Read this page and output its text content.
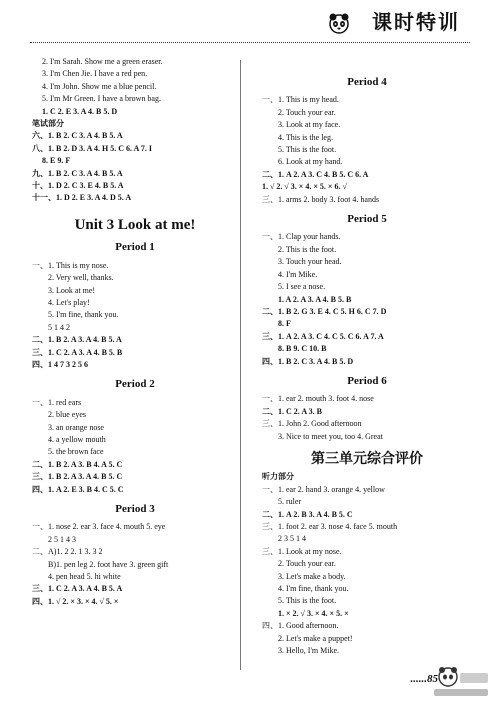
课时特训
2. I'm Sarah. Show me a green eraser.
3. I'm Chen Jie. I have a red pen.
4. I'm John. Show me a blue pencil.
5. I'm Mr Green. I have a brown bag.
1. C 2. E 3. A 4. B 5. D
笔试部分
六、1. B 2. C 3. A 4. B 5. A
八、1. B 2. D 3. A 4. H 5. C 6. A 7. I
8. E 9. F
九、1. B 2. C 3. A 4. B 5. A
十、1. D 2. C 3. E 4. B 5. A
十一、1. D 2. E 3. A 4. D 5. A
Unit 3 Look at me!
Period 1
一、1. This is my nose.
2. Very well, thanks.
3. Look at me!
4. Let's play!
5. I'm fine, thank you.
5 1 4 2
二、1. B 2. A 3. A 4. B 5. A
三、1. C 2. A 3. A 4. B 5. B
四、1 4 7 3 2 5 6
Period 2
一、1. red ears
2. blue eyes
3. an orange nose
4. a yellow mouth
5. the brown face
二、1. B 2. A 3. B 4. A 5. C
三、1. B 2. A 3. A 4. B 5. C
四、1. A 2. E 3. B 4. C 5. C
Period 3
一、1. nose 2. ear 3. face 4. mouth 5. eye
2 5 1 4 3
二、A)1. 2 2. 1 3. 3 2
B)1. pen leg 2. foot have 3. green gift
4. pen head 5. hi white
三、1. C 2. A 3. A 4. B 5. A
四、1. √ 2. × 3. × 4. √ 5. ×
Period 4
一、1. This is my head.
2. Touch your ear.
3. Look at my face.
4. This is the leg.
5. This is the foot.
6. Look at my hand.
二、1. A 2. A 3. C 4. B 5. C 6. A
1. √ 2. √ 3. × 4. × 5. × 6. √
三、1. arms 2. body 3. foot 4. hands
Period 5
一、1. Clap your hands.
2. This is the foot.
3. Touch your head.
4. I'm Mike.
5. I see a nose.
1. A 2. A 3. A 4. B 5. B
二、1. B 2. G 3. E 4. C 5. H 6. C 7. D
8. F
三、1. A 2. A 3. C 4. C 5. C 6. A 7. A
8. B 9. C 10. B
四、1. B 2. C 3. A 4. B 5. D
Period 6
一、1. ear 2. mouth 3. foot 4. nose
二、1. C 2. A 3. B
三、1. John 2. Good afternoon
3. Nice to meet you, too 4. Great
第三单元综合评价
听力部分
一、1. ear 2. hand 3. orange 4. yellow
5. ruler
二、1. A 2. B 3. A 4. B 5. C
三、1. foot 2. ear 3. nose 4. face 5. mouth
2 3 5 1 4
三、1. Look at my nose.
2. Touch your ear.
3. Let's make a body.
4. I'm fine, thank you.
5. This is the foot.
1. × 2. √ 3. × 4. × 5. ×
四、1. Good afternoon.
2. Let's make a puppet!
3. Hello, I'm Mike.
......85
